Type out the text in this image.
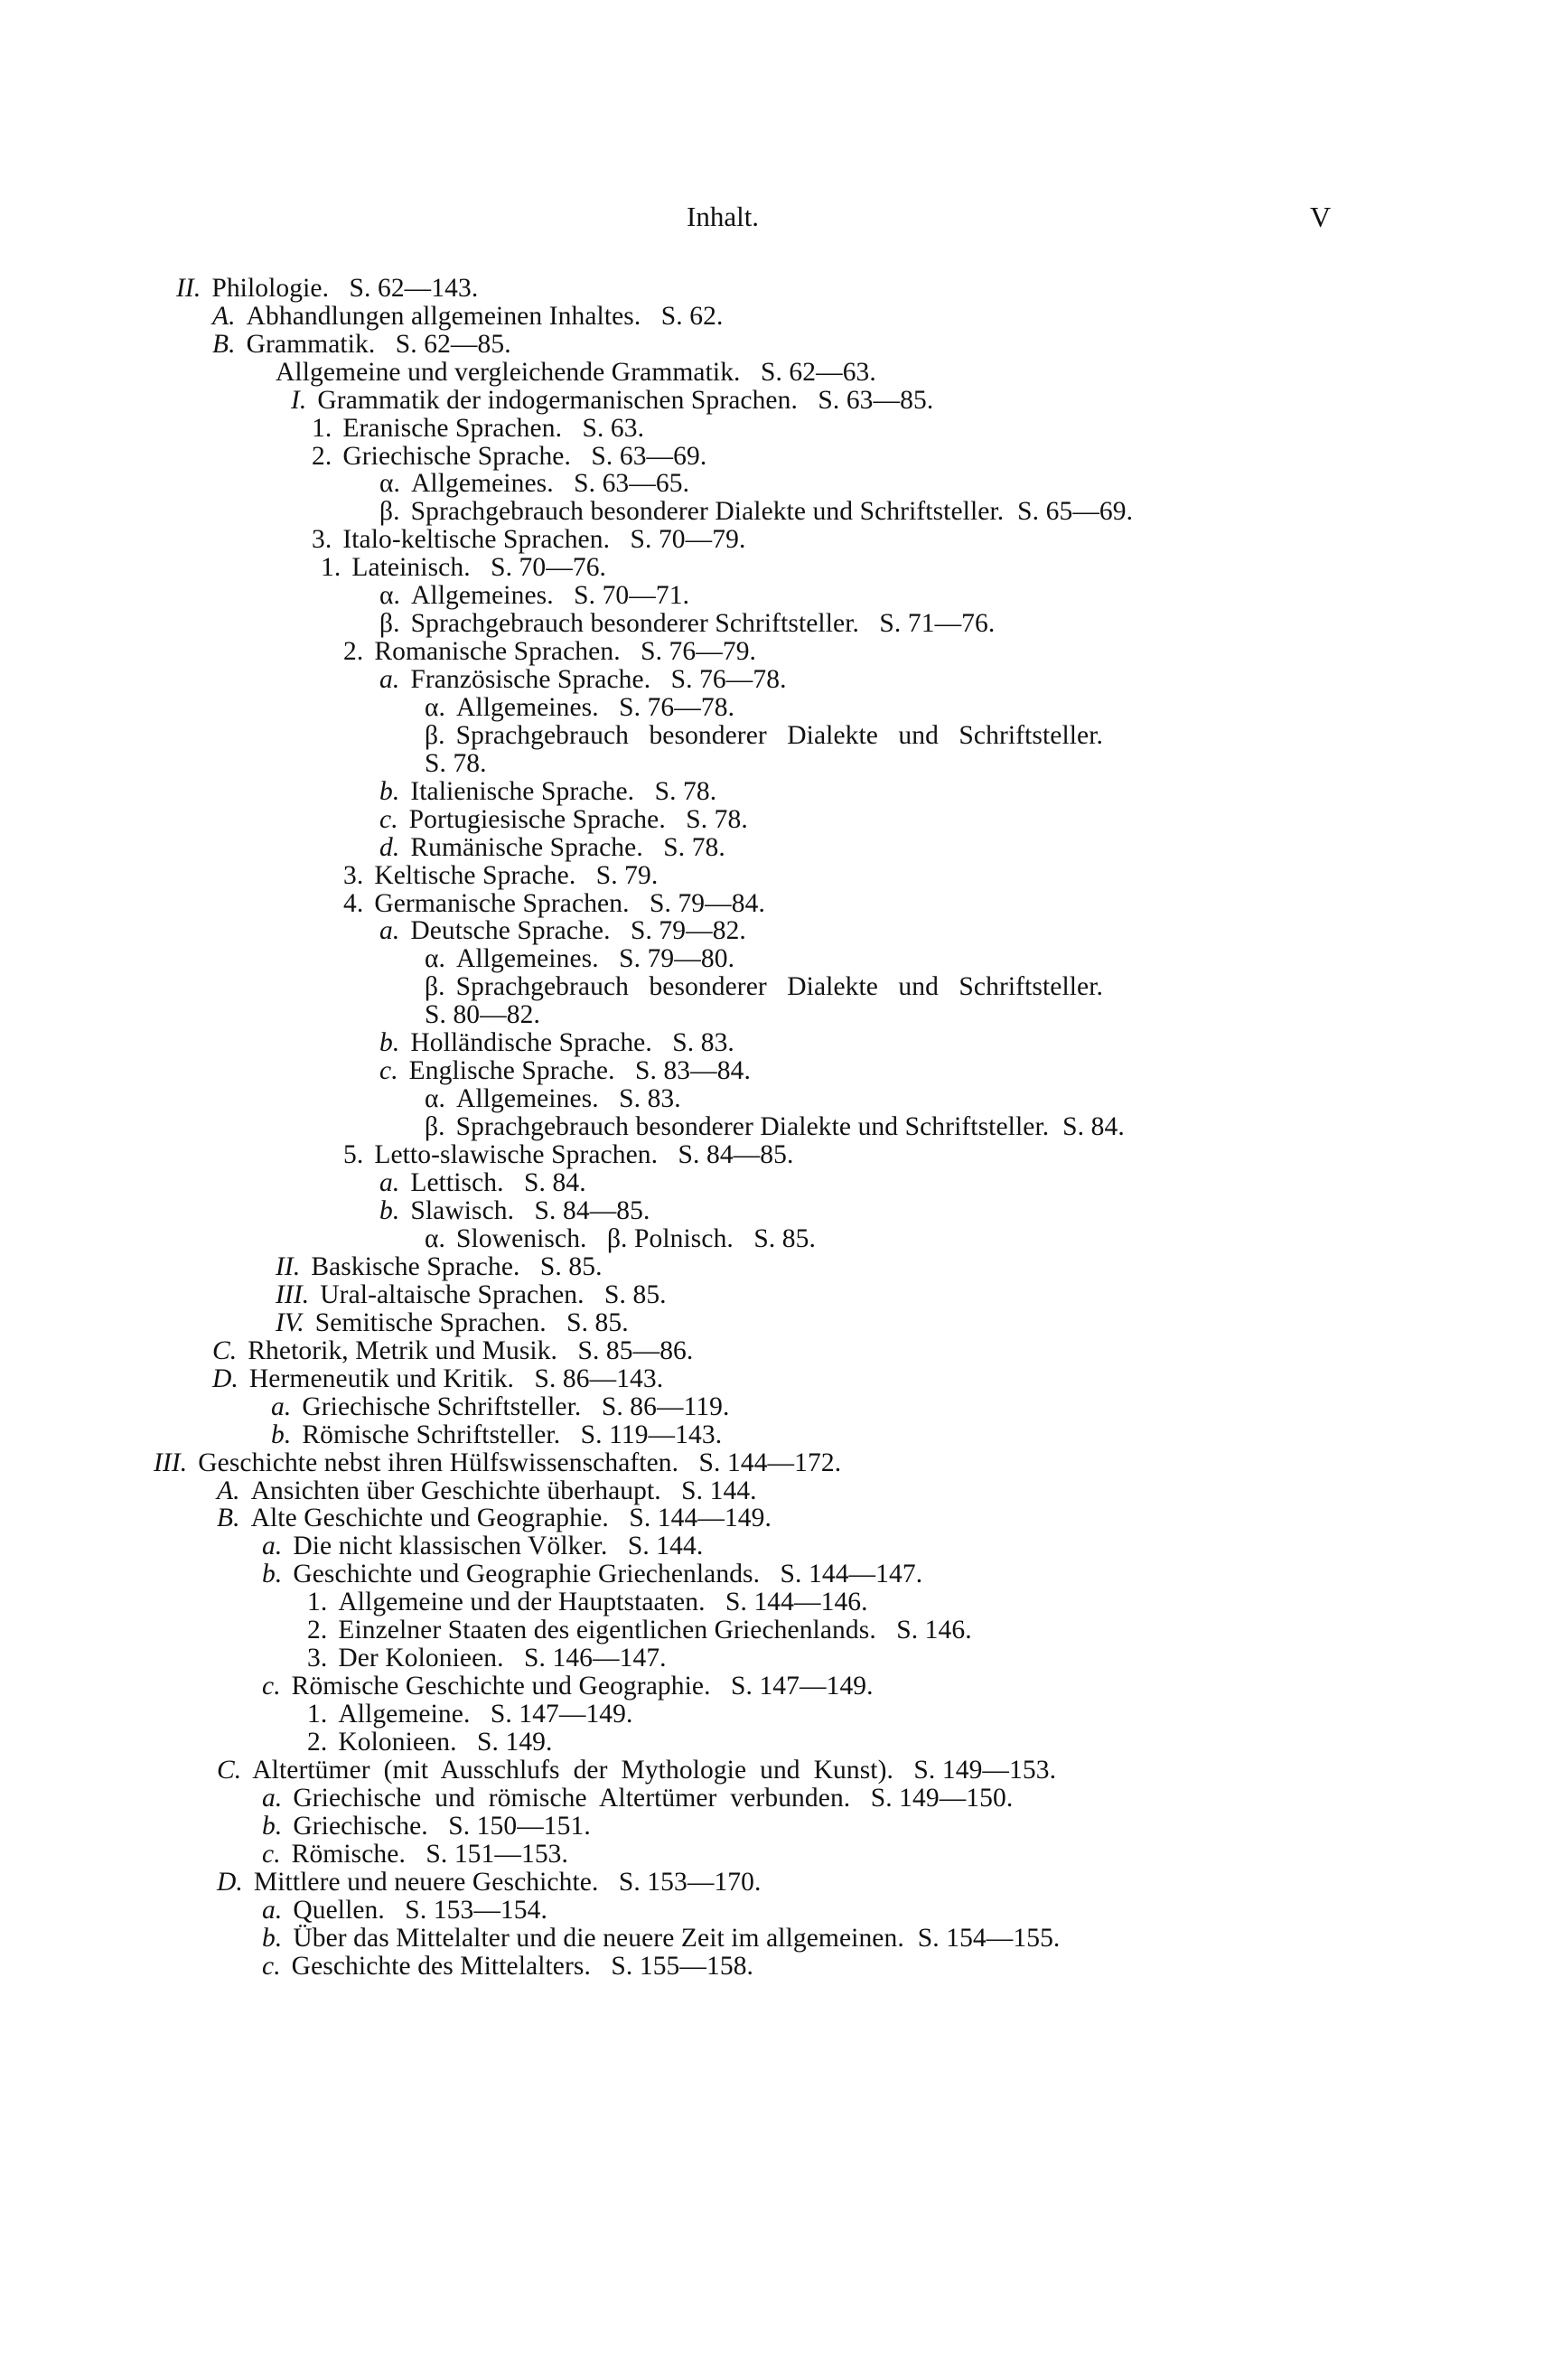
Inhalt.	V
II. Philologie.   S. 62—143.
A. Abhandlungen allgemeinen Inhaltes.   S. 62.
B. Grammatik.   S. 62—85.
Allgemeine und vergleichende Grammatik.   S. 62—63.
I. Grammatik der indogermanischen Sprachen.   S. 63—85.
1. Eranische Sprachen.   S. 63.
2. Griechische Sprache.   S. 63—69.
α. Allgemeines.   S. 63—65.
β. Sprachgebrauch besonderer Dialekte und Schriftsteller.  S. 65—69.
3. Italo-keltische Sprachen.   S. 70—79.
1. Lateinisch.   S. 70—76.
α. Allgemeines.   S. 70—71.
β. Sprachgebrauch besonderer Schriftsteller.   S. 71—76.
2. Romanische Sprachen.   S. 76—79.
a. Französische Sprache.   S. 76—78.
α. Allgemeines.   S. 76—78.
β. Sprachgebrauch   besonderer   Dialekte   und   Schriftsteller.
S. 78.
b. Italienische Sprache.   S. 78.
c. Portugiesische Sprache.   S. 78.
d. Rumänische Sprache.   S. 78.
3. Keltische Sprache.   S. 79.
4. Germanische Sprachen.   S. 79—84.
a. Deutsche Sprache.   S. 79—82.
α. Allgemeines.   S. 79—80.
β. Sprachgebrauch   besonderer   Dialekte   und   Schriftsteller.
S. 80—82.
b. Holländische Sprache.   S. 83.
c. Englische Sprache.   S. 83—84.
α. Allgemeines.   S. 83.
β. Sprachgebrauch besonderer Dialekte und Schriftsteller.  S. 84.
5. Letto-slawische Sprachen.   S. 84—85.
a. Lettisch.   S. 84.
b. Slawisch.   S. 84—85.
α. Slowenisch.   β. Polnisch.   S. 85.
II. Baskische Sprache.   S. 85.
III. Ural-altaische Sprachen.   S. 85.
IV. Semitische Sprachen.   S. 85.
C. Rhetorik, Metrik und Musik.   S. 85—86.
D. Hermeneutik und Kritik.   S. 86—143.
a. Griechische Schriftsteller.   S. 86—119.
b. Römische Schriftsteller.   S. 119—143.
III. Geschichte nebst ihren Hülfswissenschaften.   S. 144—172.
A. Ansichten über Geschichte überhaupt.   S. 144.
B. Alte Geschichte und Geographie.   S. 144—149.
a. Die nicht klassischen Völker.   S. 144.
b. Geschichte und Geographie Griechenlands.   S. 144—147.
1. Allgemeine und der Hauptstaaten.   S. 144—146.
2. Einzelner Staaten des eigentlichen Griechenlands.   S. 146.
3. Der Kolonieen.   S. 146—147.
c. Römische Geschichte und Geographie.   S. 147—149.
1. Allgemeine.   S. 147—149.
2. Kolonieen.   S. 149.
C. Altertümer  (mit  Ausschlufs  der  Mythologie  und  Kunst).   S. 149—153.
a. Griechische  und  römische  Altertümer  verbunden.   S. 149—150.
b. Griechische.   S. 150—151.
c. Römische.   S. 151—153.
D. Mittlere und neuere Geschichte.   S. 153—170.
a. Quellen.   S. 153—154.
b. Über das Mittelalter und die neuere Zeit im allgemeinen.  S. 154—155.
c. Geschichte des Mittelalters.   S. 155—158.
